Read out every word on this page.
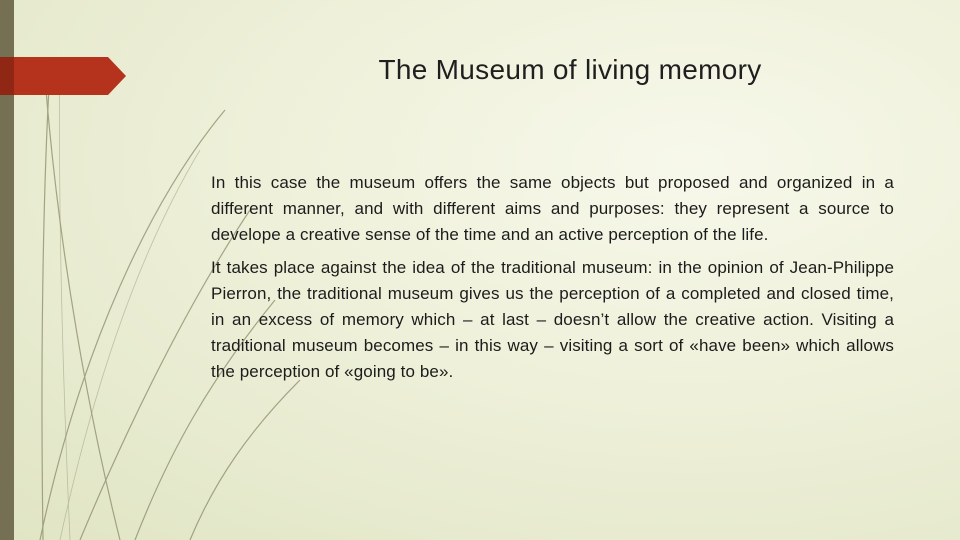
The Museum of living memory

In this case the museum offers the same objects but proposed and organized in a different manner, and with different aims and purposes: they represent a source to develope a creative sense of the time and an active perception of the life.

It takes place against the idea of the traditional museum: in the opinion of Jean-Philippe Pierron, the traditional museum gives us the perception of a completed and closed time, in an excess of memory which – at last – doesn’t allow the creative action. Visiting a traditional museum becomes – in this way – visiting a sort of «have been» which allows the perception of «going to be».
